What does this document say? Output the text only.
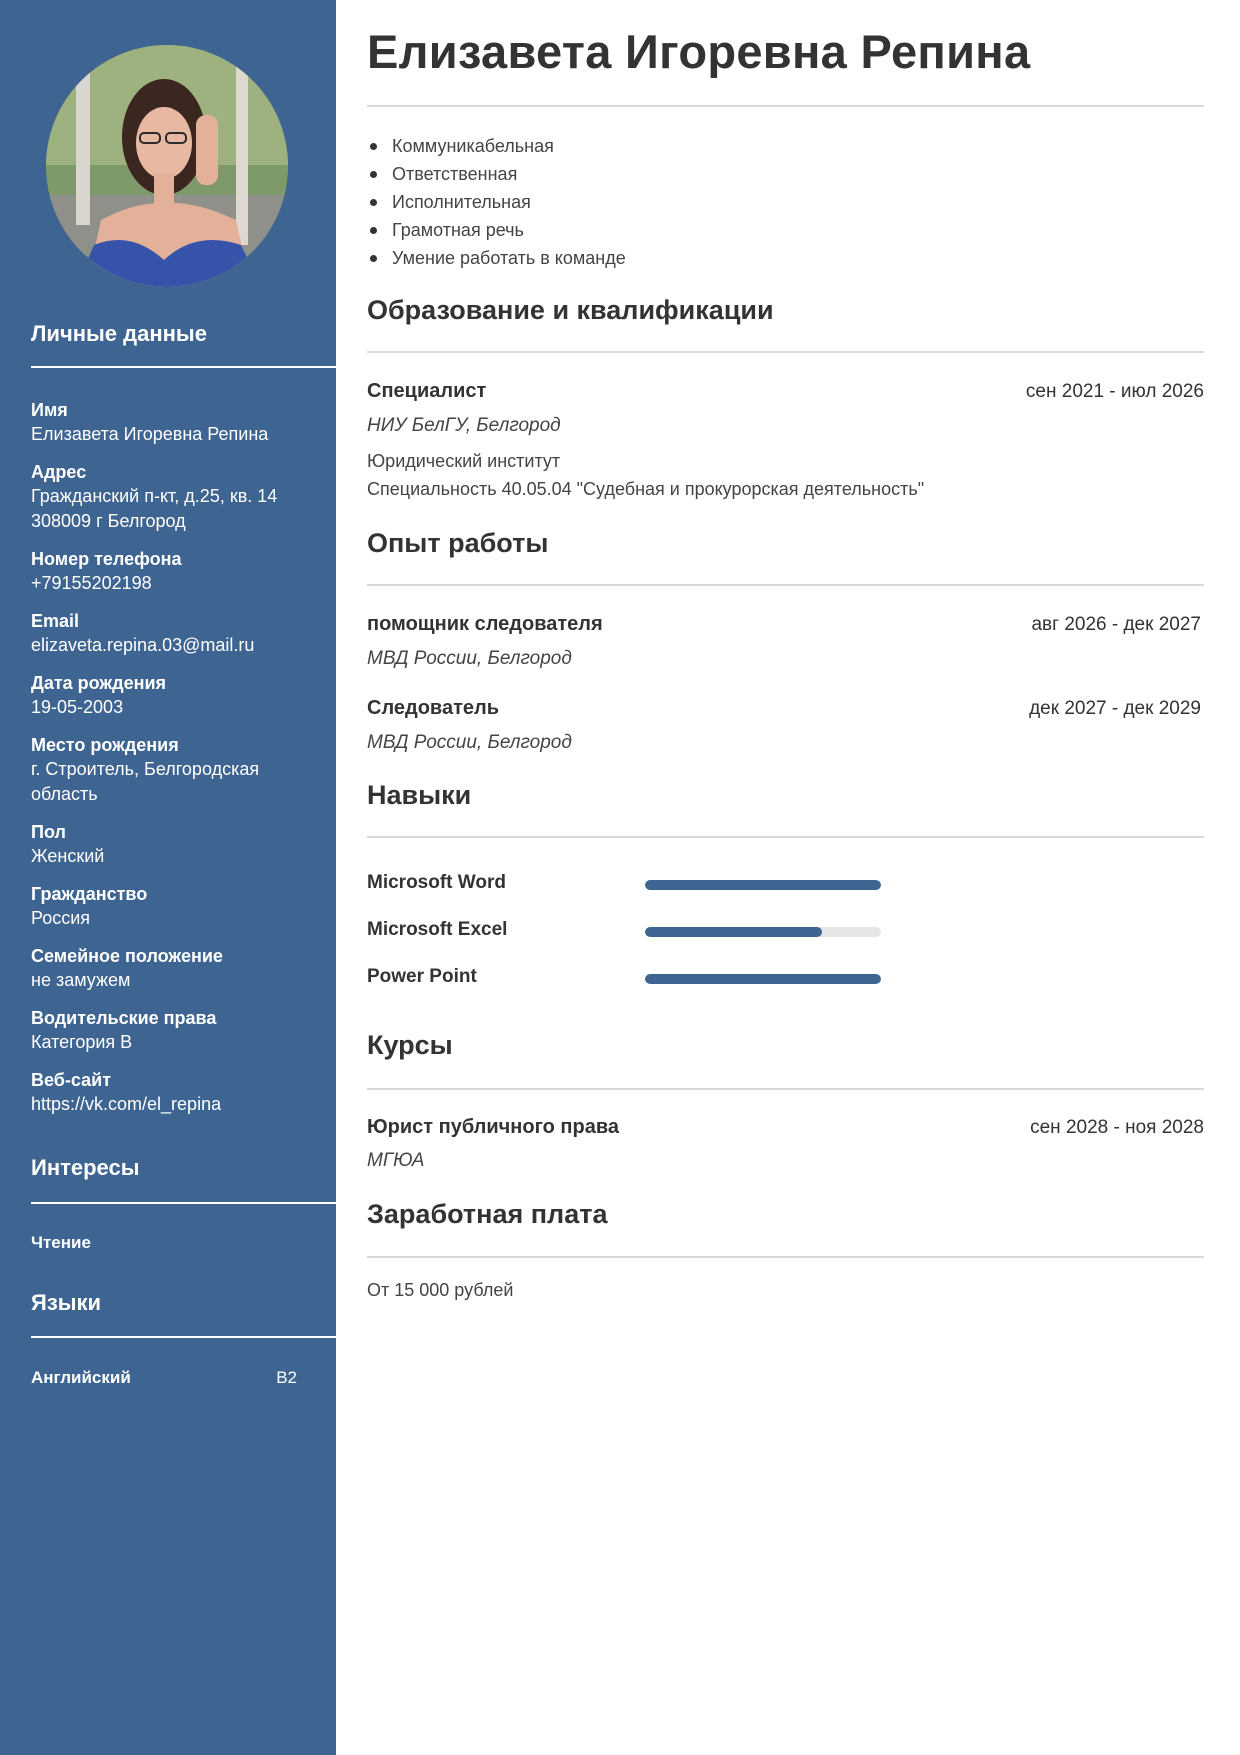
Личные данные
Имя
Елизавета Игоревна Репина
Адрес
Гражданский п-кт, д.25, кв. 14
308009 г Белгород
Номер телефона
+79155202198
Email
elizaveta.repina.03@mail.ru
Дата рождения
19-05-2003
Место рождения
г. Строитель, Белгородская
область
Пол
Женский
Гражданство
Россия
Семейное положение
не замужем
Водительские права
Категория B
Веб-сайт
https://vk.com/el_repina
Интересы
Чтение
Языки
Английский	B2
Елизавета Игоревна Репина
Коммуникабельная
Ответственная
Исполнительная
Грамотная речь
Умение работать в команде
Образование и квалификации
Специалист	сен 2021 - июл 2026
НИУ БелГУ, Белгород
Юридический институт
Специальность 40.05.04 "Судебная и прокурорская деятельность"
Опыт работы
помощник следователя	авг 2026 - дек 2027
МВД России, Белгород
Следователь	дек 2027 - дек 2029
МВД России, Белгород
Навыки
Microsoft Word
Microsoft Excel
Power Point
Курсы
Юрист публичного права	сен 2028 - ноя 2028
МГЮА
Заработная плата
От 15 000 рублей
